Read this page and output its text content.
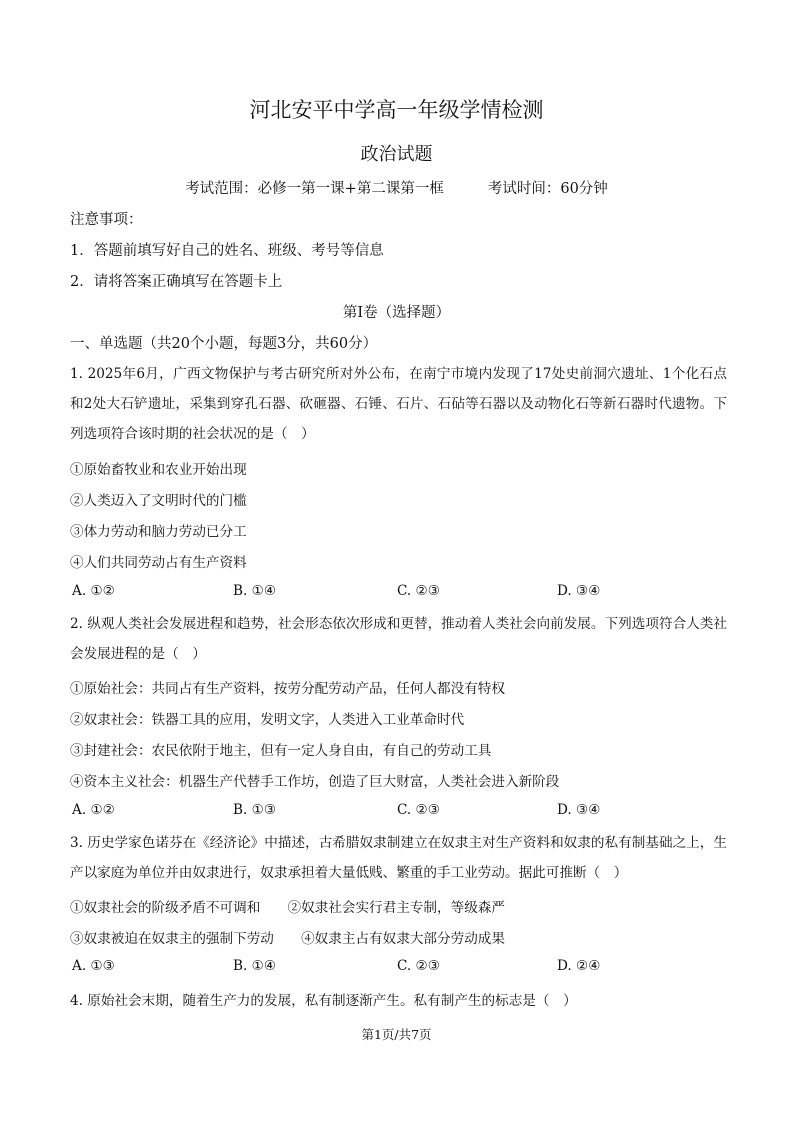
河北安平中学高一年级学情检测
政治试题
考试范围：必修一第一课+第二课第一框	考试时间：60分钟
注意事项：
1．答题前填写好自己的姓名、班级、考号等信息
2．请将答案正确填写在答题卡上
第Ⅰ卷（选择题）
一、单选题（共20个小题，每题3分，共60分）
1. 2025年6月，广西文物保护与考古研究所对外公布，在南宁市境内发现了17处史前洞穴遗址、1个化石点和2处大石铲遗址，采集到穿孔石器、砍砸器、石锤、石片、石砧等石器以及动物化石等新石器时代遗物。下列选项符合该时期的社会状况的是（　）
①原始畜牧业和农业开始出现
②人类迈入了文明时代的门槛
③体力劳动和脑力劳动已分工
④人们共同劳动占有生产资料
A. ①②	B. ①④	C. ②③	D. ③④
2. 纵观人类社会发展进程和趋势，社会形态依次形成和更替，推动着人类社会向前发展。下列选项符合人类社会发展进程的是（　）
①原始社会：共同占有生产资料，按劳分配劳动产品，任何人都没有特权
②奴隶社会：铁器工具的应用，发明文字，人类进入工业革命时代
③封建社会：农民依附于地主，但有一定人身自由，有自己的劳动工具
④资本主义社会：机器生产代替手工作坊，创造了巨大财富，人类社会进入新阶段
A. ①②	B. ①③	C. ②③	D. ③④
3. 历史学家色诺芬在《经济论》中描述，古希腊奴隶制建立在奴隶主对生产资料和奴隶的私有制基础之上，生产以家庭为单位并由奴隶进行，奴隶承担着大量低贱、繁重的手工业劳动。据此可推断（　）
①奴隶社会的阶级矛盾不可调和　　②奴隶社会实行君主专制，等级森严
③奴隶被迫在奴隶主的强制下劳动　　④奴隶主占有奴隶大部分劳动成果
A. ①③	B. ①④	C. ②③	D. ②④
4. 原始社会末期，随着生产力的发展，私有制逐渐产生。私有制产生的标志是（　）
第1页/共7页
